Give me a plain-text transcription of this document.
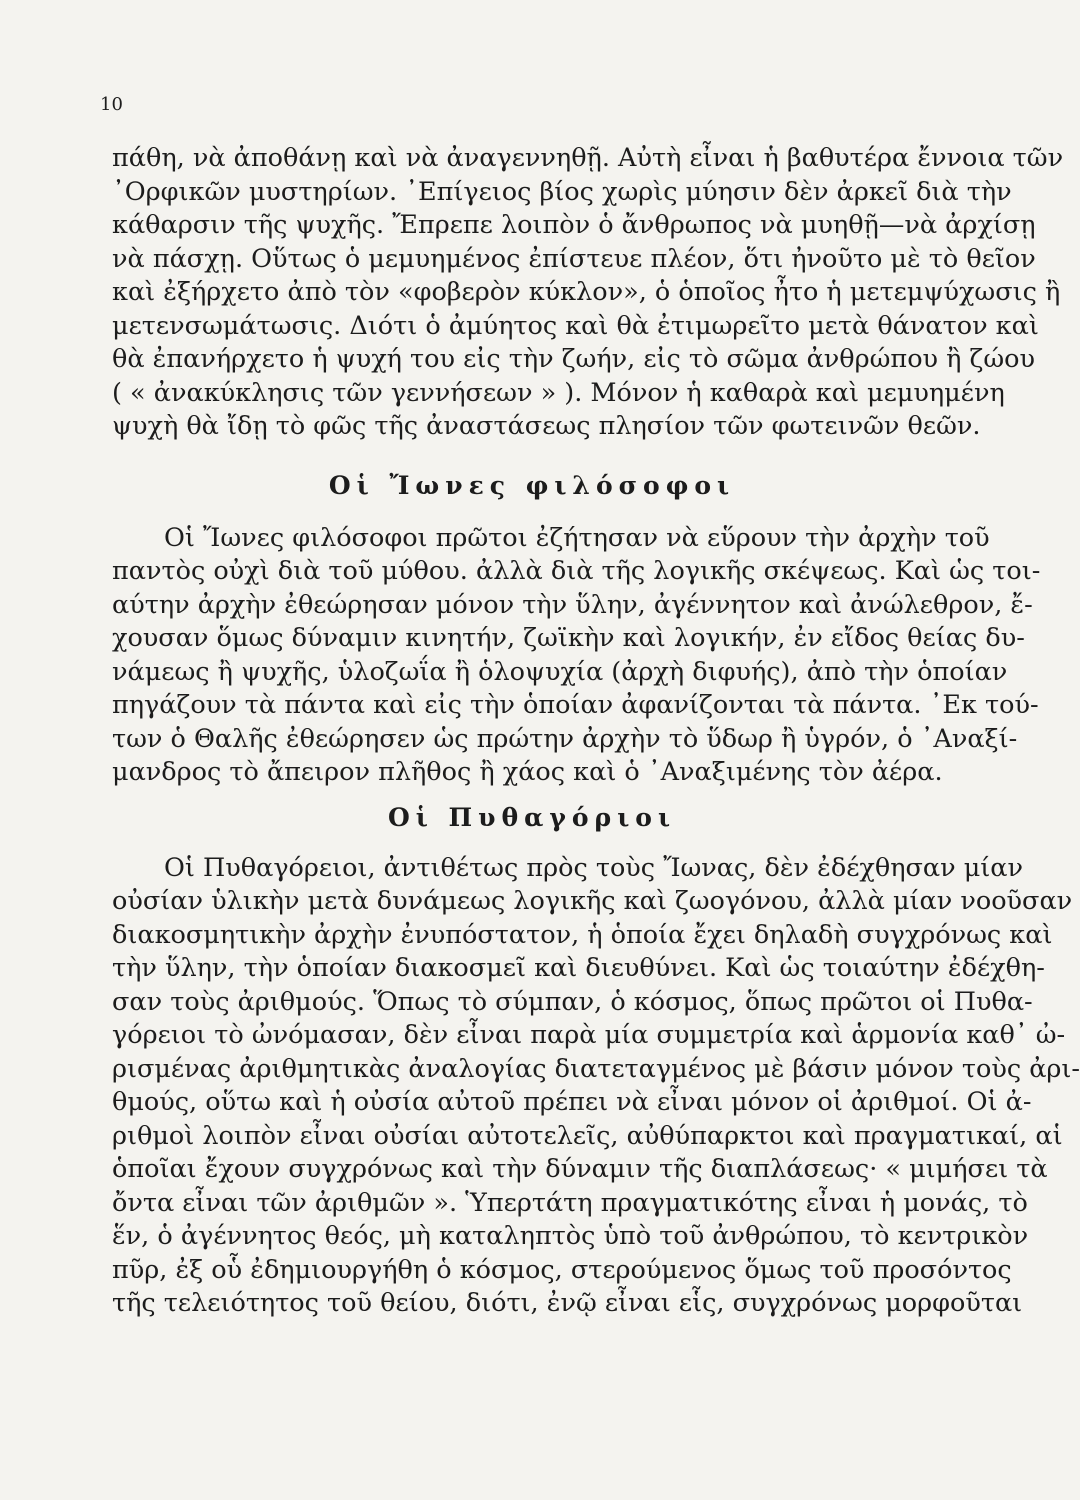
10
πάθη, νὰ ἀποθάνῃ καὶ νὰ ἀναγεννηθῇ. Αὐτὴ εἶναι ἡ βαθυτέρα ἔννοια τῶν
᾿Ορφικῶν μυστηρίων. ᾿Επίγειος βίος χωρὶς μύησιν δὲν ἀρκεῖ διὰ τὴν
κάθαρσιν τῆς ψυχῆς. Ἔπρεπε λοιπὸν ὁ ἄνθρωπος νὰ μυηθῇ—νὰ ἀρχίσῃ
νὰ πάσχῃ. Οὕτως ὁ μεμυημένος ἐπίστευε πλέον, ὅτι ἠνοῦτο μὲ τὸ θεῖον
καὶ ἐξήρχετο ἀπὸ τὸν «φοβερὸν κύκλον», ὁ ὁποῖος ἦτο ἡ μετεμψύχωσις ἢ
μετενσωμάτωσις. Διότι ὁ ἀμύητος καὶ θὰ ἐτιμωρεῖτο μετὰ θάνατον καὶ
θὰ ἐπανήρχετο ἡ ψυχή του εἰς τὴν ζωήν, εἰς τὸ σῶμα ἀνθρώπου ἢ ζώου
( « ἀνακύκλησις τῶν γεννήσεων » ). Μόνον ἡ καθαρὰ καὶ μεμυημένη
ψυχὴ θὰ ἴδῃ τὸ φῶς τῆς ἀναστάσεως πλησίον τῶν φωτεινῶν θεῶν.
Οἱ Ἴωνες φιλόσοφοι
Οἱ Ἴωνες φιλόσοφοι πρῶτοι ἐζήτησαν νὰ εὕρουν τὴν ἀρχὴν τοῦ
παντὸς οὐχὶ διὰ τοῦ μύθου. ἀλλὰ διὰ τῆς λογικῆς σκέψεως. Καὶ ὡς τοι-
αύτην ἀρχὴν ἐθεώρησαν μόνον τὴν ὕλην, ἀγέννητον καὶ ἀνώλεθρον, ἔ-
χουσαν ὅμως δύναμιν κινητήν, ζωϊκὴν καὶ λογικήν, ἐν εἴδος θείας δυ-
νάμεως ἢ ψυχῆς, ὑλοζωΐα ἢ ὁλοψυχία (ἀρχὴ διφυής), ἀπὸ τὴν ὁποίαν
πηγάζουν τὰ πάντα καὶ εἰς τὴν ὁποίαν ἀφανίζονται τὰ πάντα. ᾿Εκ τού-
των ὁ Θαλῆς ἐθεώρησεν ὡς πρώτην ἀρχὴν τὸ ὕδωρ ἢ ὑγρόν, ὁ ᾿Αναξί-
μανδρος τὸ ἄπειρον πλῆθος ἢ χάος καὶ ὁ ᾿Αναξιμένης τὸν ἀέρα.
Οἱ Πυθαγόριοι
Οἱ Πυθαγόρειοι, ἀντιθέτως πρὸς τοὺς Ἴωνας, δὲν ἐδέχθησαν μίαν
οὐσίαν ὑλικὴν μετὰ δυνάμεως λογικῆς καὶ ζωογόνου, ἀλλὰ μίαν νοοῦσαν
διακοσμητικὴν ἀρχὴν ἐνυπόστατον, ἡ ὁποία ἔχει δηλαδὴ συγχρόνως καὶ
τὴν ὕλην, τὴν ὁποίαν διακοσμεῖ καὶ διευθύνει. Καὶ ὡς τοιαύτην ἐδέχθη-
σαν τοὺς ἀριθμούς. Ὅπως τὸ σύμπαν, ὁ κόσμος, ὅπως πρῶτοι οἱ Πυθα-
γόρειοι τὸ ὠνόμασαν, δὲν εἶναι παρὰ μία συμμετρία καὶ ἁρμονία καθ᾿ ὠ-
ρισμένας ἀριθμητικὰς ἀναλογίας διατεταγμένος μὲ βάσιν μόνον τοὺς ἀρι-
θμούς, οὕτω καὶ ἡ οὐσία αὐτοῦ πρέπει νὰ εἶναι μόνον οἱ ἀριθμοί. Οἱ ἀ-
ριθμοὶ λοιπὸν εἶναι οὐσίαι αὐτοτελεῖς, αὐθύπαρκτοι καὶ πραγματικαί, αἱ
ὁποῖαι ἔχουν συγχρόνως καὶ τὴν δύναμιν τῆς διαπλάσεως· « μιμήσει τὰ
ὄντα εἶναι τῶν ἀριθμῶν ». Ὑπερτάτη πραγματικότης εἶναι ἡ μονάς, τὸ
ἕν, ὁ ἀγέννητος θεός, μὴ καταληπτὸς ὑπὸ τοῦ ἀνθρώπου, τὸ κεντρικὸν
πῦρ, ἐξ οὗ ἐδημιουργήθη ὁ κόσμος, στερούμενος ὅμως τοῦ προσόντος
τῆς τελειότητος τοῦ θείου, διότι, ἐνῷ εἶναι εἷς, συγχρόνως μορφοῦται
